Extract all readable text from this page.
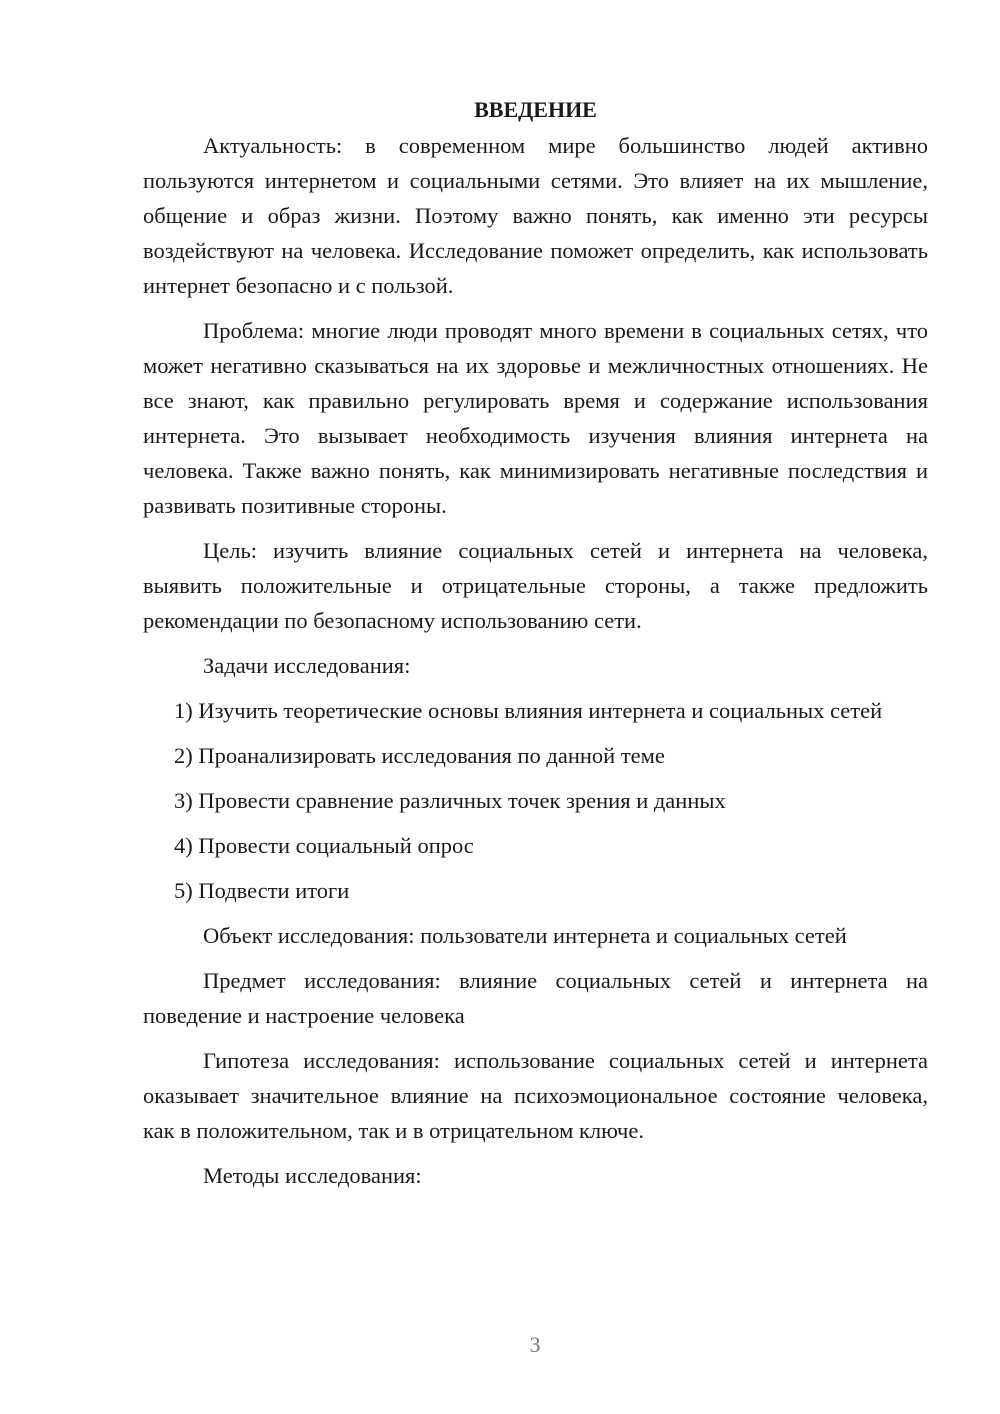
ВВЕДЕНИЕ

Актуальность: в современном мире большинство людей активно пользуются интернетом и социальными сетями. Это влияет на их мышление, общение и образ жизни. Поэтому важно понять, как именно эти ресурсы воздействуют на человека. Исследование поможет определить, как использовать интернет безопасно и с пользой.

Проблема: многие люди проводят много времени в социальных сетях, что может негативно сказываться на их здоровье и межличностных отношениях. Не все знают, как правильно регулировать время и содержание использования интернета. Это вызывает необходимость изучения влияния интернета на человека. Также важно понять, как минимизировать негативные последствия и развивать позитивные стороны.

Цель: изучить влияние социальных сетей и интернета на человека, выявить положительные и отрицательные стороны, а также предложить рекомендации по безопасному использованию сети.

Задачи исследования:

1) Изучить теоретические основы влияния интернета и социальных сетей

2) Проанализировать исследования по данной теме

3) Провести сравнение различных точек зрения и данных

4) Провести социальный опрос

5) Подвести итоги

Объект исследования: пользователи интернета и социальных сетей

Предмет исследования: влияние социальных сетей и интернета на поведение и настроение человека

Гипотеза исследования: использование социальных сетей и интернета оказывает значительное влияние на психоэмоциональное состояние человека, как в положительном, так и в отрицательном ключе.

Методы исследования:

3
